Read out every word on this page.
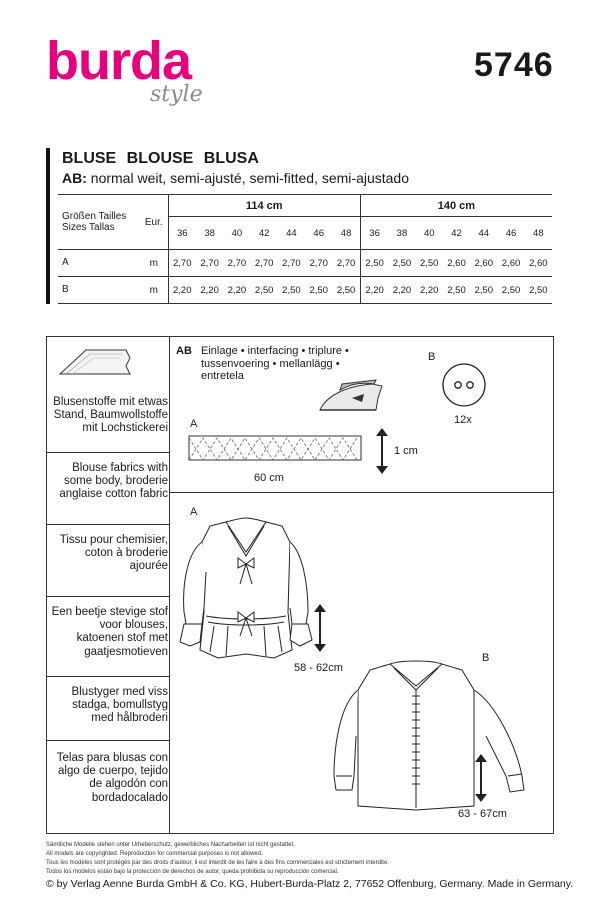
burda
style
5746
BLUSE BLOUSE BLUSA
AB: normal weit, semi-ajusté, semi-fitted, semi-ajustado
Größen Tailles
Sizes Tallas	Eur.	114 cm							140 cm						
		36	38	40	42	44	46	48	36	38	40	42	44	46	48
A	m	2,70	2,70	2,70	2,70	2,70	2,70	2,70	2,50	2,50	2,50	2,60	2,60	2,60	2,60
B	m	2,20	2,20	2,20	2,50	2,50	2,50	2,50	2,20	2,20	2,20	2,50	2,50	2,50	2,50
Blusenstoffe mit etwas Stand, Baumwollstoffe mit Lochstickerei
Blouse fabrics with some body, broderie anglaise cotton fabric
Tissu pour chemisier, coton à broderie ajourée
Een beetje stevige stof voor blouses, katoenen stof met gaatjesmotieven
Blustyger med viss stadga, bomullstyg med hålbroderi
Telas para blusas con algo de cuerpo, tejido de algodón con bordadocalado
AB Einlage • interfacing • triplure •
tussenvoering • mellanlägg •
entretela
B
12x
A
1 cm
60 cm
A
58 - 62cm
B
63 - 67cm
Sämtliche Modelle stehen unter Urheberschutz, gewerbliches Nacharbeiten ist nicht gestattet.
All models are copyrighted. Reproduction for commercial purposes is not allowed.
Tous les modèles sont protégés par des droits d'auteur, il est interdit de les faire à des fins commerciales est strictement interdite.
Todos los modelos están bajo la protección de derechos de autor, queda prohibida su reproducción comercial.
© by Verlag Aenne Burda GmbH & Co. KG, Hubert-Burda-Platz 2, 77652 Offenburg, Germany. Made in Germany.
